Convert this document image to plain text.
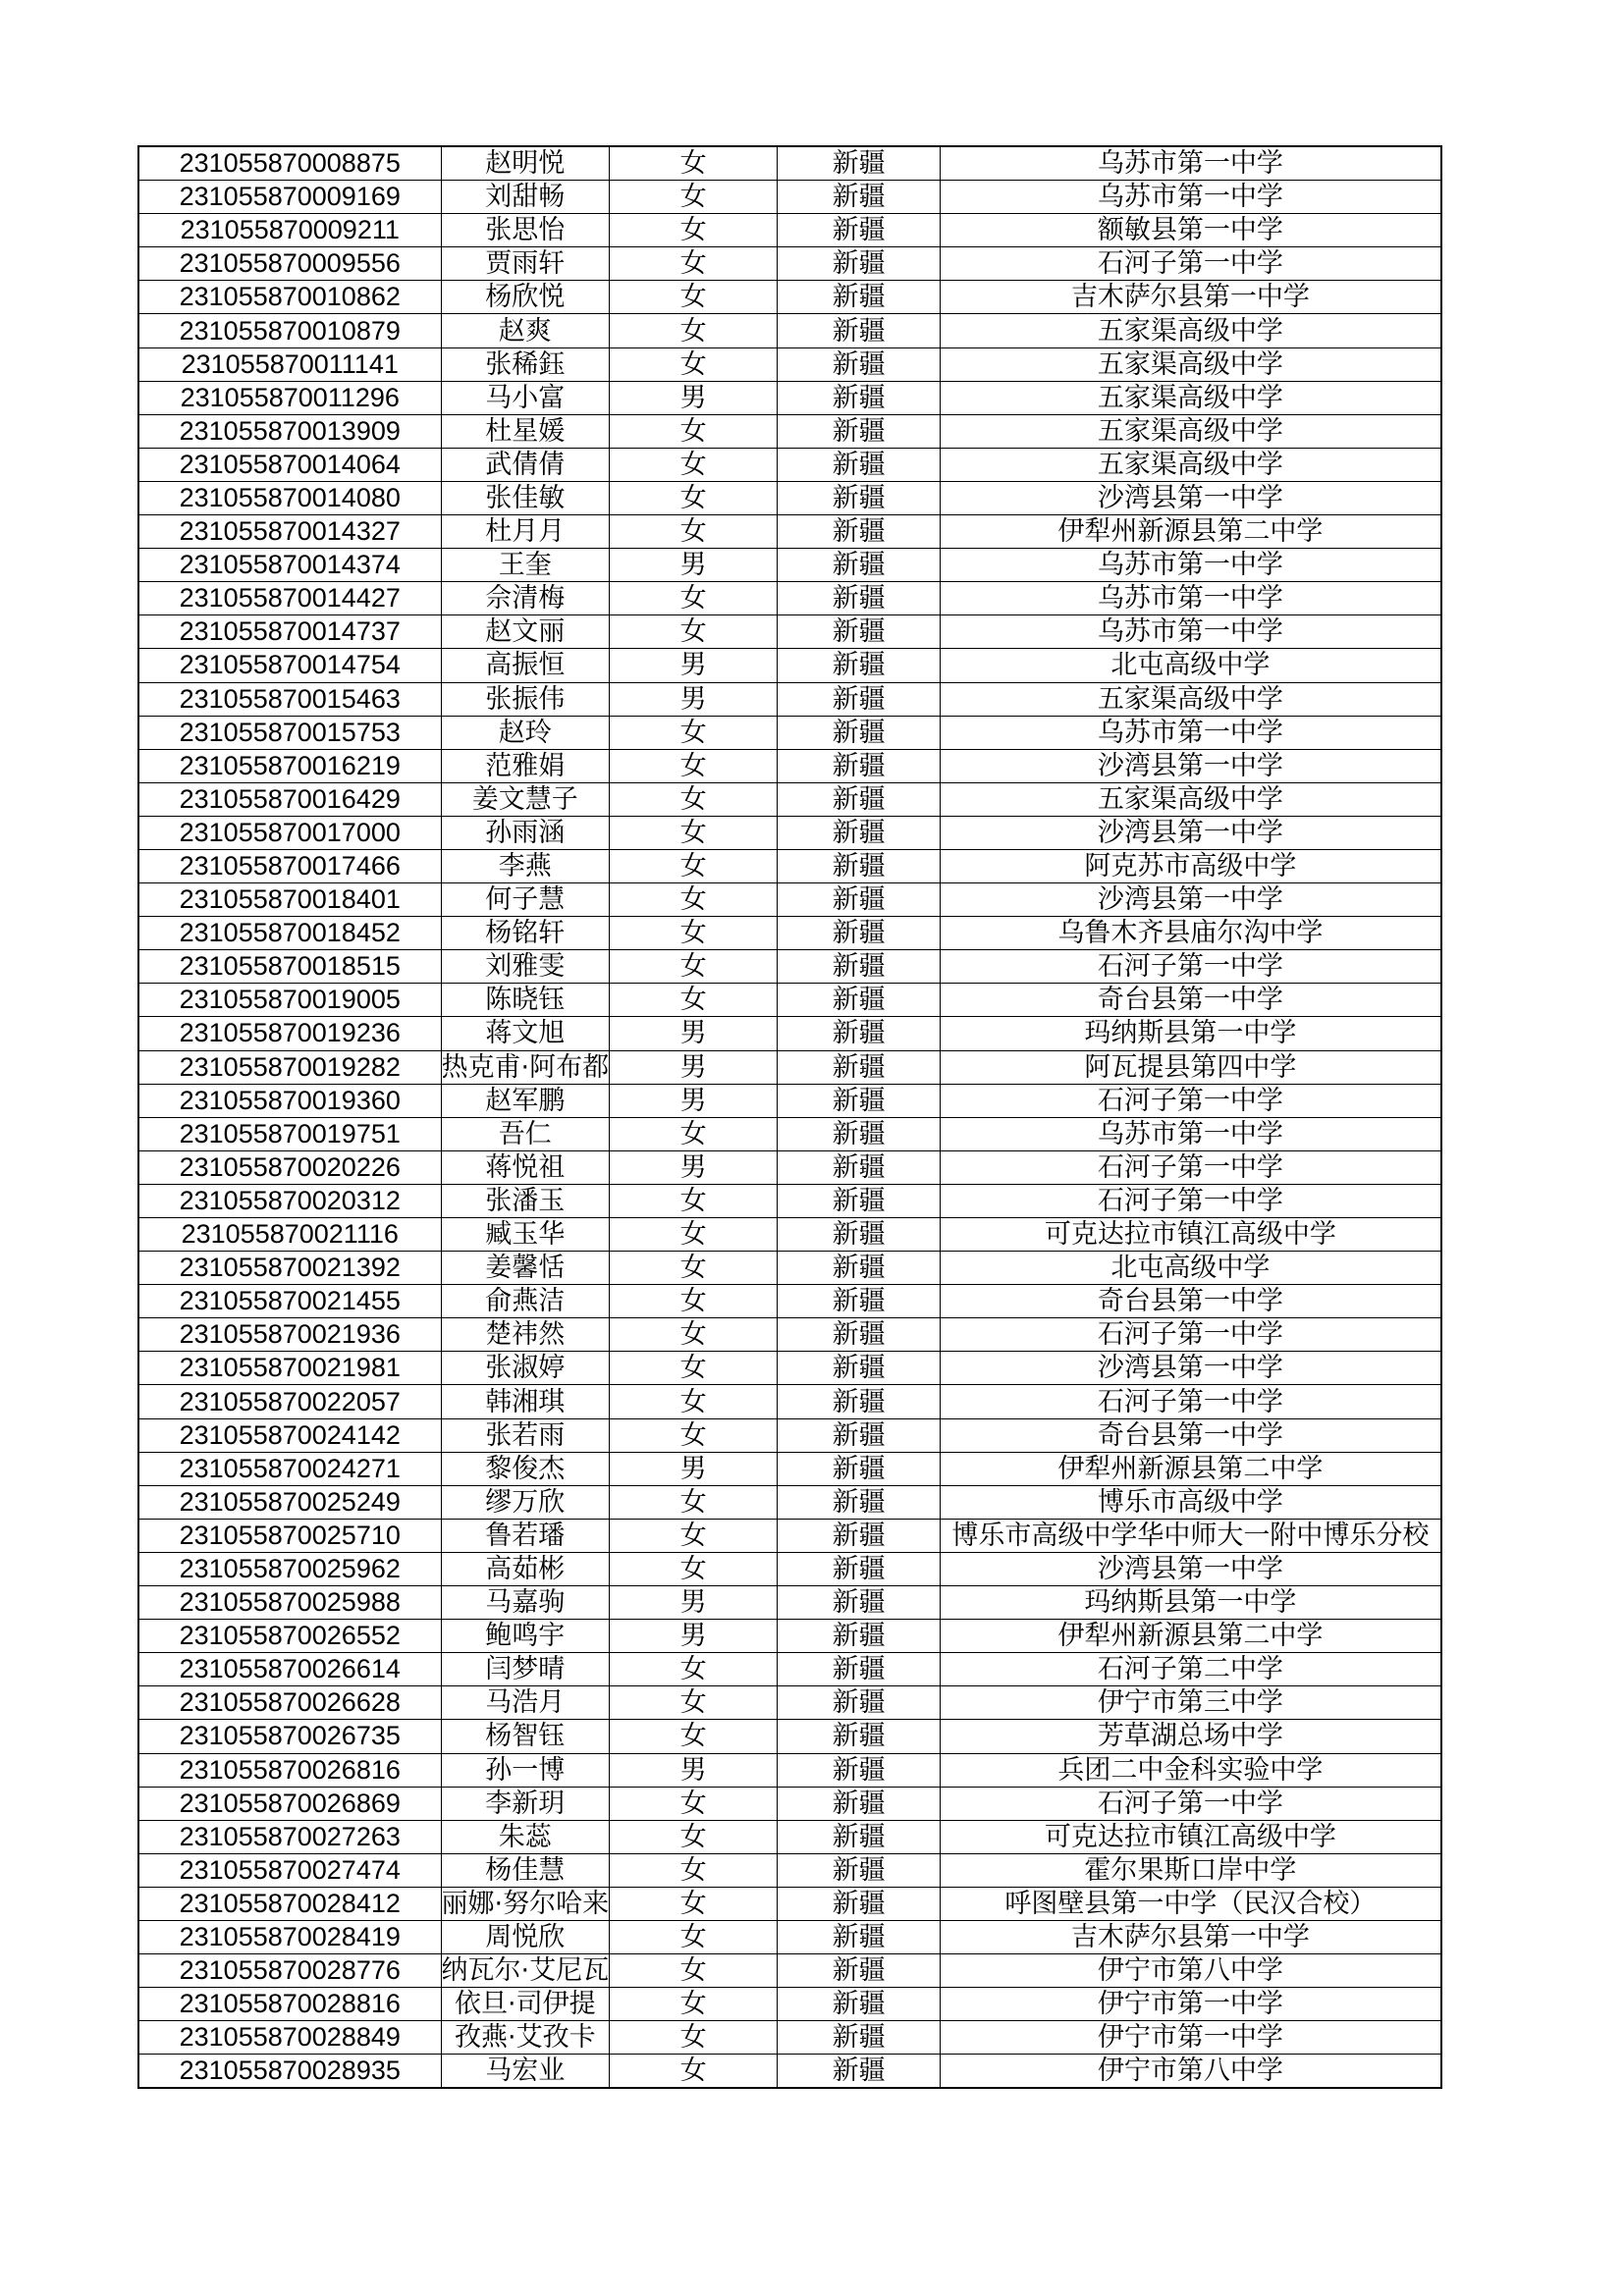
231055870008875	赵明悦	女	新疆	乌苏市第一中学
231055870009169	刘甜畅	女	新疆	乌苏市第一中学
231055870009211	张思怡	女	新疆	额敏县第一中学
231055870009556	贾雨轩	女	新疆	石河子第一中学
231055870010862	杨欣悦	女	新疆	吉木萨尔县第一中学
231055870010879	赵爽	女	新疆	五家渠高级中学
231055870011141	张稀鈺	女	新疆	五家渠高级中学
231055870011296	马小富	男	新疆	五家渠高级中学
231055870013909	杜星媛	女	新疆	五家渠高级中学
231055870014064	武倩倩	女	新疆	五家渠高级中学
231055870014080	张佳敏	女	新疆	沙湾县第一中学
231055870014327	杜月月	女	新疆	伊犁州新源县第二中学
231055870014374	王奎	男	新疆	乌苏市第一中学
231055870014427	佘清梅	女	新疆	乌苏市第一中学
231055870014737	赵文丽	女	新疆	乌苏市第一中学
231055870014754	高振恒	男	新疆	北屯高级中学
231055870015463	张振伟	男	新疆	五家渠高级中学
231055870015753	赵玲	女	新疆	乌苏市第一中学
231055870016219	范雅娟	女	新疆	沙湾县第一中学
231055870016429	姜文慧子	女	新疆	五家渠高级中学
231055870017000	孙雨涵	女	新疆	沙湾县第一中学
231055870017466	李燕	女	新疆	阿克苏市高级中学
231055870018401	何子慧	女	新疆	沙湾县第一中学
231055870018452	杨铭轩	女	新疆	乌鲁木齐县庙尔沟中学
231055870018515	刘雅雯	女	新疆	石河子第一中学
231055870019005	陈晓钰	女	新疆	奇台县第一中学
231055870019236	蒋文旭	男	新疆	玛纳斯县第一中学
231055870019282	热克甫·阿布都	男	新疆	阿瓦提县第四中学
231055870019360	赵军鹏	男	新疆	石河子第一中学
231055870019751	吾仁	女	新疆	乌苏市第一中学
231055870020226	蒋悦祖	男	新疆	石河子第一中学
231055870020312	张潘玉	女	新疆	石河子第一中学
231055870021116	臧玉华	女	新疆	可克达拉市镇江高级中学
231055870021392	姜馨恬	女	新疆	北屯高级中学
231055870021455	俞燕洁	女	新疆	奇台县第一中学
231055870021936	楚祎然	女	新疆	石河子第一中学
231055870021981	张淑婷	女	新疆	沙湾县第一中学
231055870022057	韩湘琪	女	新疆	石河子第一中学
231055870024142	张若雨	女	新疆	奇台县第一中学
231055870024271	黎俊杰	男	新疆	伊犁州新源县第二中学
231055870025249	缪万欣	女	新疆	博乐市高级中学
231055870025710	鲁若璠	女	新疆	博乐市高级中学华中师大一附中博乐分校
231055870025962	高茹彬	女	新疆	沙湾县第一中学
231055870025988	马嘉驹	男	新疆	玛纳斯县第一中学
231055870026552	鲍鸣宇	男	新疆	伊犁州新源县第二中学
231055870026614	闫梦晴	女	新疆	石河子第二中学
231055870026628	马浩月	女	新疆	伊宁市第三中学
231055870026735	杨智钰	女	新疆	芳草湖总场中学
231055870026816	孙一博	男	新疆	兵团二中金科实验中学
231055870026869	李新玥	女	新疆	石河子第一中学
231055870027263	朱蕊	女	新疆	可克达拉市镇江高级中学
231055870027474	杨佳慧	女	新疆	霍尔果斯口岸中学
231055870028412	丽娜·努尔哈来	女	新疆	呼图壁县第一中学（民汉合校）
231055870028419	周悦欣	女	新疆	吉木萨尔县第一中学
231055870028776	纳瓦尔·艾尼瓦	女	新疆	伊宁市第八中学
231055870028816	依旦·司伊提	女	新疆	伊宁市第一中学
231055870028849	孜燕·艾孜卡	女	新疆	伊宁市第一中学
231055870028935	马宏业	女	新疆	伊宁市第八中学
